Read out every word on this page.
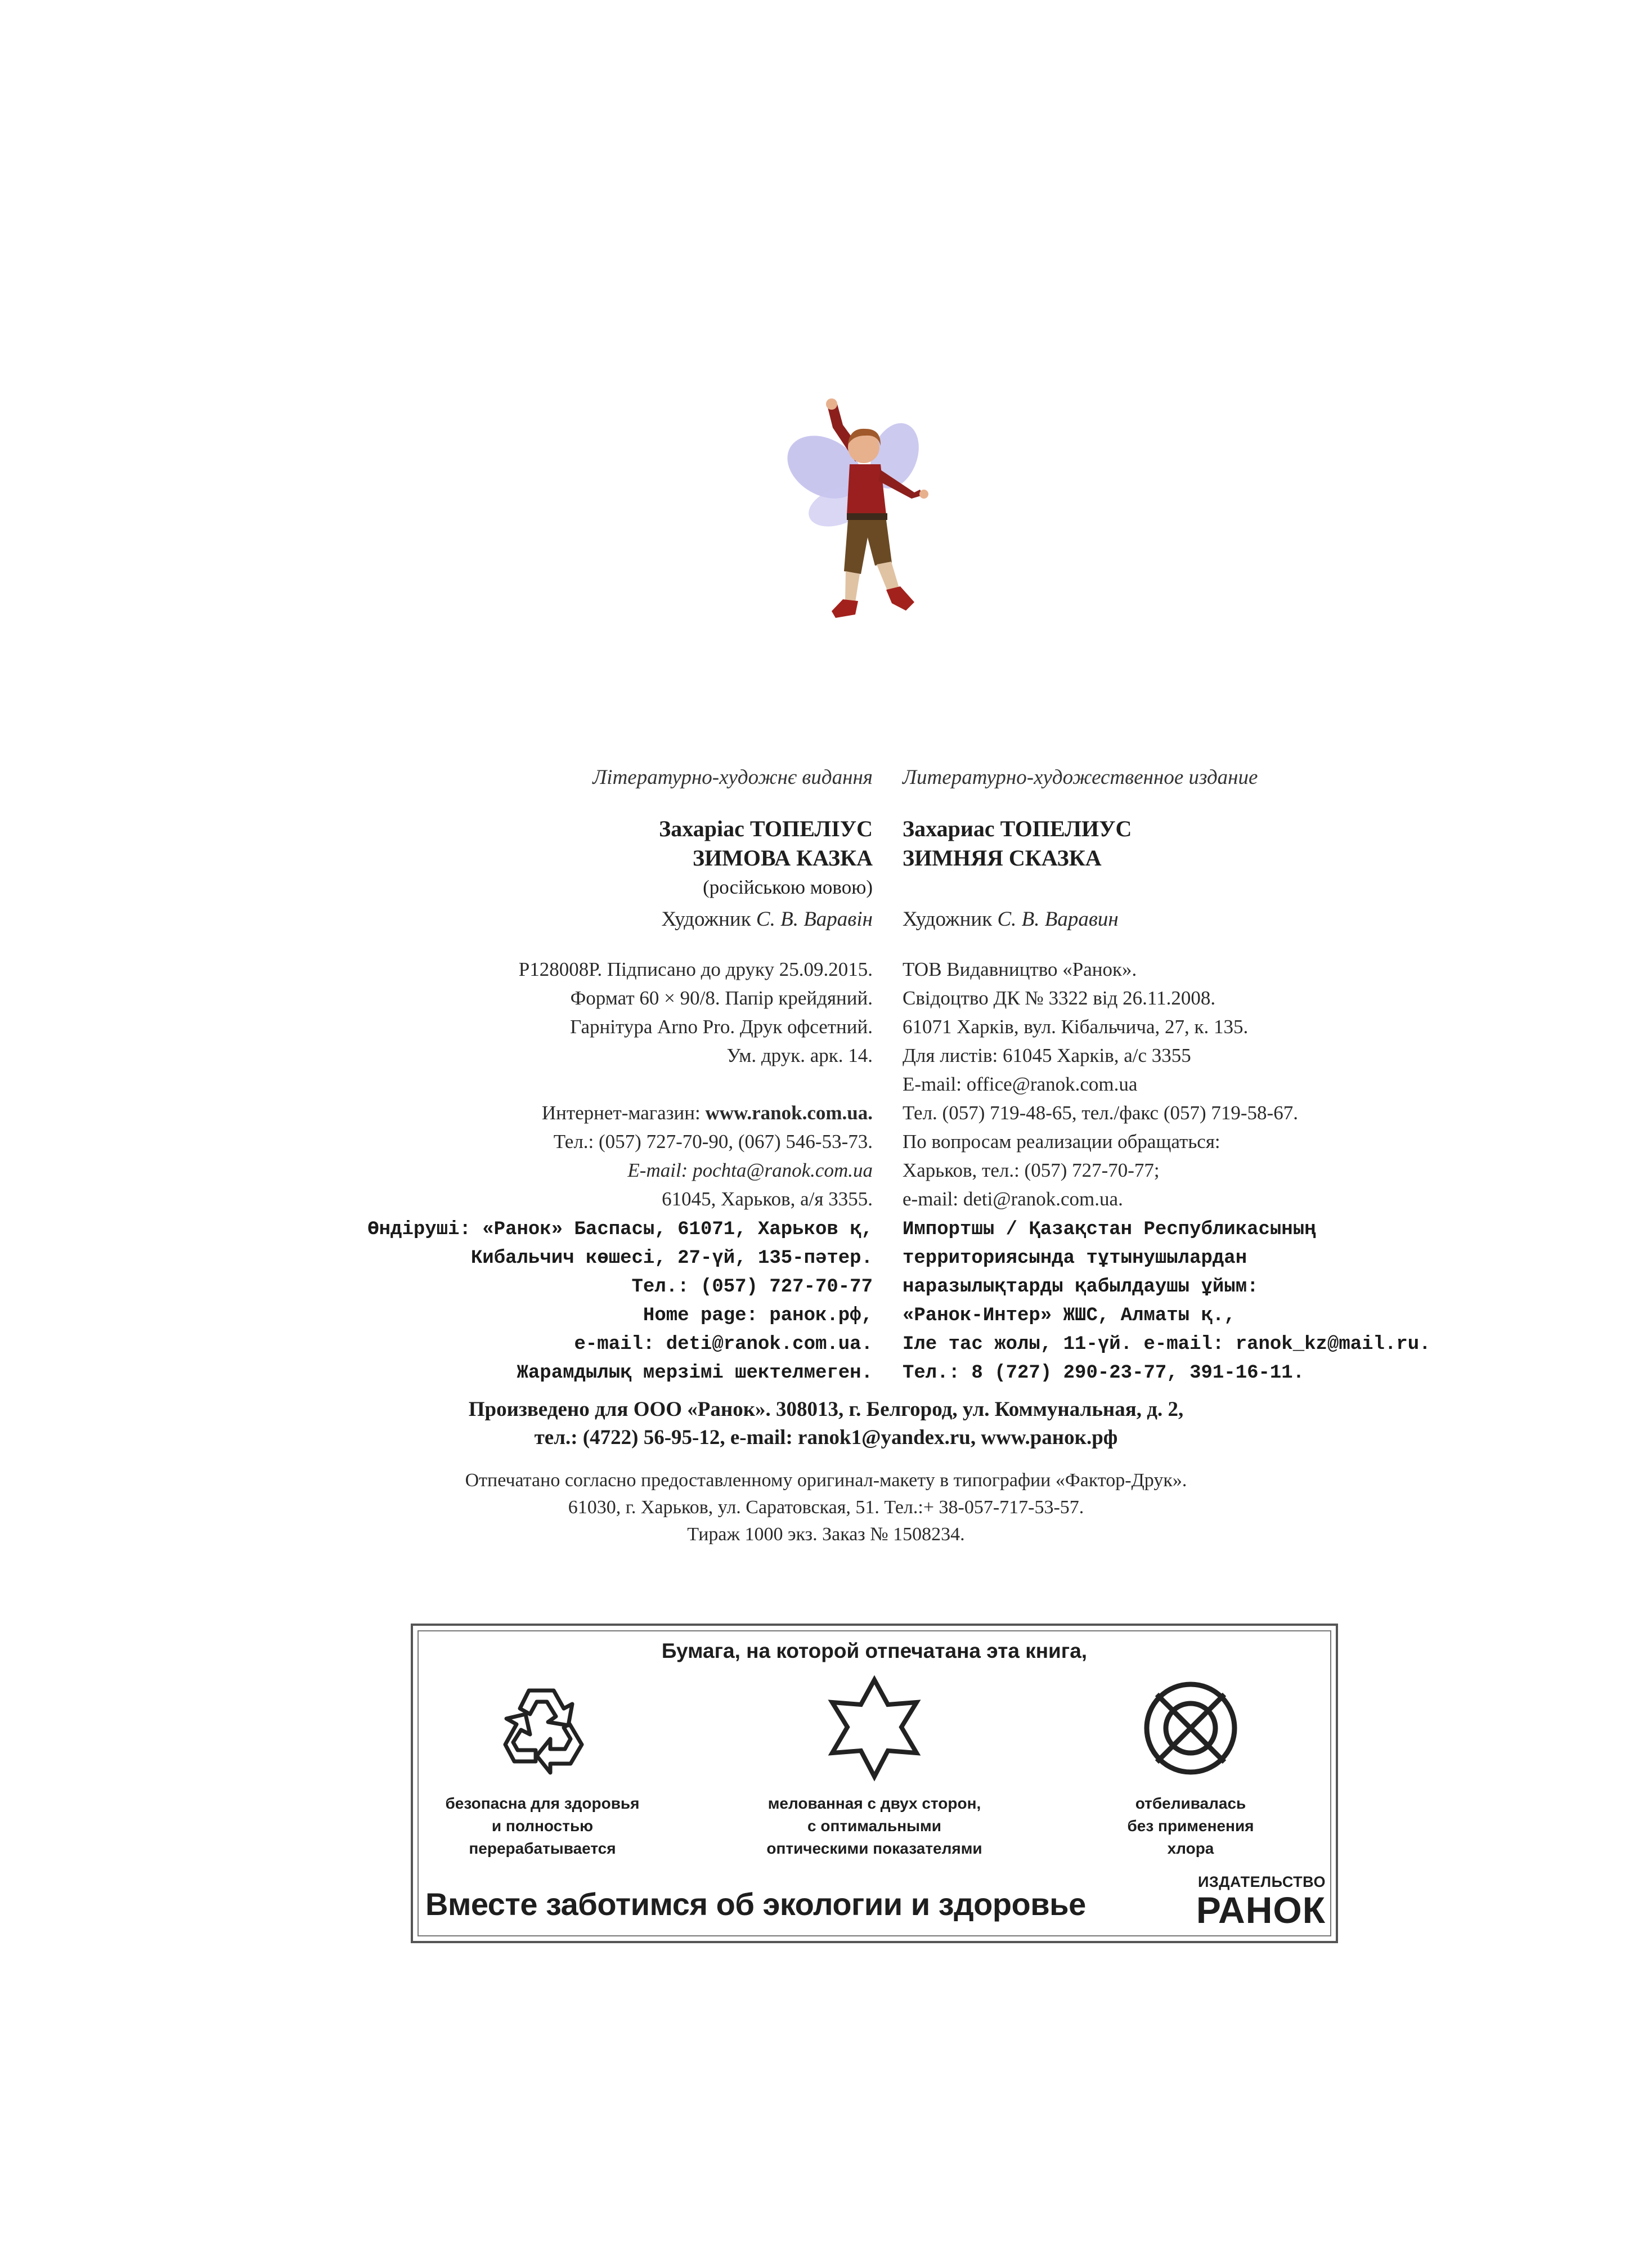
Літературно-художнє видання Литературно-художественное издание
Захаріас ТОПЕЛІУС
ЗИМОВА КАЗКА
(російською мовою)
Захариас ТОПЕЛИУС
ЗИМНЯЯ СКАЗКА
Художник С. В. Варавін Художник С. В. Варавин
Р128008Р. Підписано до друку 25.09.2015.
Формат 60 × 90/8. Папір крейдяний.
Гарнітура Arno Pro. Друк офсетний.
Ум. друк. арк. 14.
ТОВ Видавництво «Ранок».
Свідоцтво ДК № 3322 від 26.11.2008.
61071 Харків, вул. Кібальчича, 27, к. 135.
Для листів: 61045 Харків, а/с 3355
E-mail: office@ranok.com.ua
Тел. (057) 719-48-65, тел./факс (057) 719-58-67.
Интернет-магазин: www.ranok.com.ua.
Тел.: (057) 727-70-90, (067) 546-53-73.
E-mail: pochta@ranok.com.ua
61045, Харьков, а/я 3355.
По вопросам реализации обращаться:
Харьков, тел.: (057) 727-70-77;
e-mail: deti@ranok.com.ua.
Өндіруші: «Ранок» Баспасы, 61071, Харьков қ,
Кибальчич көшесі, 27-үй, 135-пәтер.
Тел.: (057) 727-70-77
Home page: ранок.рф,
e-mail: deti@ranok.com.ua.
Жарамдылық мерзімі шектелмеген.
Импортшы / Қазақстан Республикасының
территориясында тұтынушылардан
наразылықтарды қабылдаушы ұйым:
«Ранок-Интер» ЖШС, Алматы қ.,
Іле тас жолы, 11-үй. e-mail: ranok_kz@mail.ru.
Тел.: 8 (727) 290-23-77, 391-16-11.
Произведено для ООО «Ранок». 308013, г. Белгород, ул. Коммунальная, д. 2,
тел.: (4722) 56-95-12, e-mail: ranok1@yandex.ru, www.ранок.рф
Отпечатано согласно предоставленному оригинал-макету в типографии «Фактор-Друк».
61030, г. Харьков, ул. Саратовская, 51. Тел.:+ 38-057-717-53-57.
Тираж 1000 экз. Заказ № 1508234.
Бумага, на которой отпечатана эта книга,
безопасна для здоровья
и полностью
перерабатывается
мелованная с двух сторон,
с оптимальными
оптическими показателями
отбеливалась
без применения
хлора
Вместе заботимся об экологии и здоровье
ИЗДАТЕЛЬСТВО
РАНОК
